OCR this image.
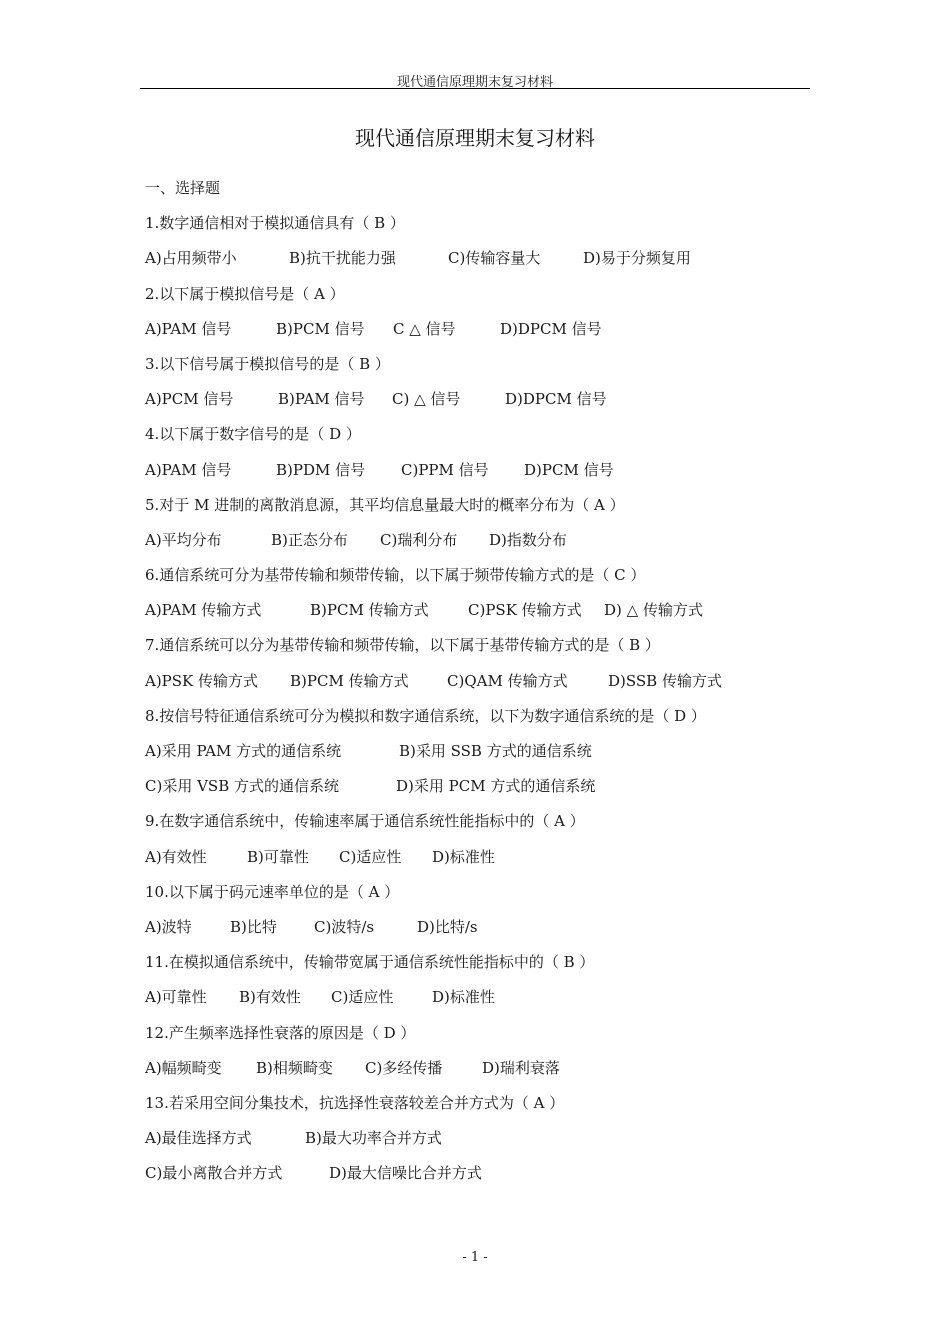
现代通信原理期末复习材料
现代通信原理期末复习材料
一、选择题
1.数字通信相对于模拟通信具有（ B ）
A)占用频带小	B)抗干扰能力强	C)传输容量大	D)易于分频复用
2.以下属于模拟信号是（ A ）
A)PAM 信号	B)PCM 信号	C △ 信号	D)DPCM 信号
3.以下信号属于模拟信号的是（ B ）
A)PCM 信号	B)PAM 信号	C) △ 信号	D)DPCM 信号
4.以下属于数字信号的是（ D ）
A)PAM 信号	B)PDM 信号	C)PPM 信号	D)PCM 信号
5.对于 M 进制的离散消息源，其平均信息量最大时的概率分布为（ A ）
A)平均分布	B)正态分布	C)瑞利分布	D)指数分布
6.通信系统可分为基带传输和频带传输，以下属于频带传输方式的是（ C ）
A)PAM 传输方式	B)PCM 传输方式	C)PSK 传输方式	D) △ 传输方式
7.通信系统可以分为基带传输和频带传输，以下属于基带传输方式的是（ B ）
A)PSK 传输方式	B)PCM 传输方式	C)QAM 传输方式	D)SSB 传输方式
8.按信号特征通信系统可分为模拟和数字通信系统，以下为数字通信系统的是（ D ）
A)采用 PAM 方式的通信系统	B)采用 SSB 方式的通信系统
C)采用 VSB 方式的通信系统	D)采用 PCM 方式的通信系统
9.在数字通信系统中，传输速率属于通信系统性能指标中的（ A ）
A)有效性	B)可靠性	C)适应性	D)标准性
10.以下属于码元速率单位的是（ A ）
A)波特	B)比特	C)波特/s	D)比特/s
11.在模拟通信系统中，传输带宽属于通信系统性能指标中的（ B ）
A)可靠性	B)有效性	C)适应性	D)标准性
12.产生频率选择性衰落的原因是（ D ）
A)幅频畸变	B)相频畸变	C)多经传播	D)瑞利衰落
13.若采用空间分集技术，抗选择性衰落较差合并方式为（ A ）
A)最佳选择方式	B)最大功率合并方式
C)最小离散合并方式	D)最大信噪比合并方式
- 1 -
